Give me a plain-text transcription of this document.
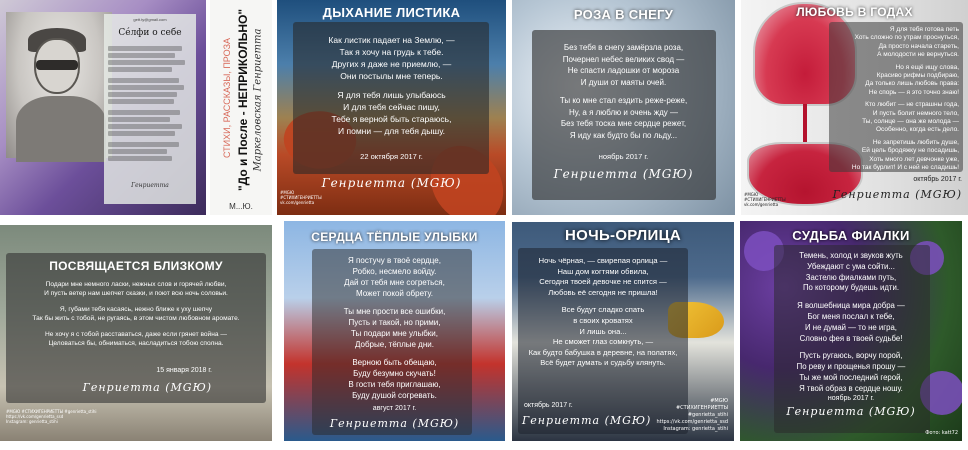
gett.ty@gmail.com
Сéлфи о себе
Генриетта
СТИХИ, РАССКАЗЫ, ПРОЗА "До и После - НЕПРИКОЛЬНО" Маркеловская Генриетта
М...Ю.
ДЫХАНИЕ ЛИСТИКА
Как листик падает на Землю, —
Так я хочу на грудь к тебе.
Других я даже не приемлю, —
Они постылы мне теперь.
Я для тебя лишь улыбаюсь
И для тебя сейчас пишу,
Тебе я верной быть стараюсь,
И помни — для тебя дышу.
22 октября 2017 г.
Генриетта (MGЮ)
#MGЮ
#СТИХИГЕНРИЕТТЫ
vk.com/genrietta
РОЗА В СНЕГУ
Без тебя в снегу замёрзла роза,
Почернел небес великих свод —
Не спасти ладошки от мороза
И души от маяты очей.
Ты ко мне стал ездить реже-реже,
Ну, а я люблю и очень жду —
Без тебя тоска мне сердце режет,
Я иду как будто бы по льду...
ноябрь 2017 г.
Генриетта (MGЮ)
ЛЮБОВЬ В ГОДАХ
Я для тебя готова петь
Хоть сложно по утрам проснуться,
Да просто начала стареть,
А молодости не вернуться.
Но я ещё ищу слова,
Красиво рифмы подбираю,
Да только лишь любовь права:
Не спорь — я это точно знаю!
Кто любит — не страшны года,
И пусть болит немного тело,
Ты, солнце — она же молода —
Особенно, когда есть дело.
Не запретишь любить душе,
Ей цель бродяжку не посадишь,
Хоть много лет девчонке уже,
Но так бурлит! И с ней не сладишь!
октябрь 2017 г.
Генриетта (MGЮ)
#MGЮ
#СТИХИГЕНРИЕТТЫ
vk.com/genrietta
ПОСВЯЩАЕТСЯ БЛИЗКОМУ
Подари мне немного ласки, нежных слов и горячей любви,
И пусть ветер нам шепчет сказки, и поют всю ночь соловьи.
Я, губами тебя касаясь, нежно ближе к уху шепчу
Так бы жить с тобой, не ругаясь, в этом чистом любовном аромате.
Не хочу я с тобой расставаться, даже если грянет война —
Целоваться бы, обниматься, насладиться тобою сполна.
15 января 2018 г.
Генриетта (MGЮ)
#MGЮ #СТИХИГЕНРИЕТТЫ #genrietta_stihi
https://vk.com/genrietta_ssd
Instagram: genrietta_stihi
СЕРДЦА ТЁПЛЫЕ УЛЫБКИ
Я постучу в твоё сердце,
Робко, несмело войду.
Дай от тебя мне согреться,
Может покой обрету.
Ты мне прости все ошибки,
Пусть и такой, но прими,
Ты подари мне улыбки,
Добрые, тёплые дни.
Верною быть обещаю,
Буду безумно скучать!
В гости тебя приглашаю,
Буду душой согревать.
август 2017 г.
Генриетта (MGЮ)
НОЧЬ-ОРЛИЦА
Ночь чёрная, — свирепая орлица —
Наш дом когтями обвила,
Сегодня твоей девочке не спится —
Любовь её сегодня не пришла!
Все будут сладко спать
в своих кроватях
И лишь она...
Не сможет глаз сомкнуть, —
Как будто бабушка в деревне, на полатях,
Всё будет думать и судьбу клянуть.
октябрь 2017 г.
Генриетта (MGЮ)
#MGЮ
#СТИХИГЕНРИЕТТЫ
#genrietta_stihi
https://vk.com/genrietta_ssd
Instagram: genrietta_stihi
СУДЬБА ФИАЛКИ
Темень, холод и звуков жуть
Убеждают с ума сойти...
Застелю фиалками путь,
По которому будешь идти.
Я волшебница мира добра —
Бог меня послал к тебе,
И не думай — то не игра,
Словно фея в твоей судьбе!
Пусть ругаюсь, ворчу порой,
По реву и прощенья прошу —
Ты же мой последний герой,
Я твой образ в сердце ношу.
ноябрь 2017 г.
Генриетта (MGЮ)
Фото: katt72
